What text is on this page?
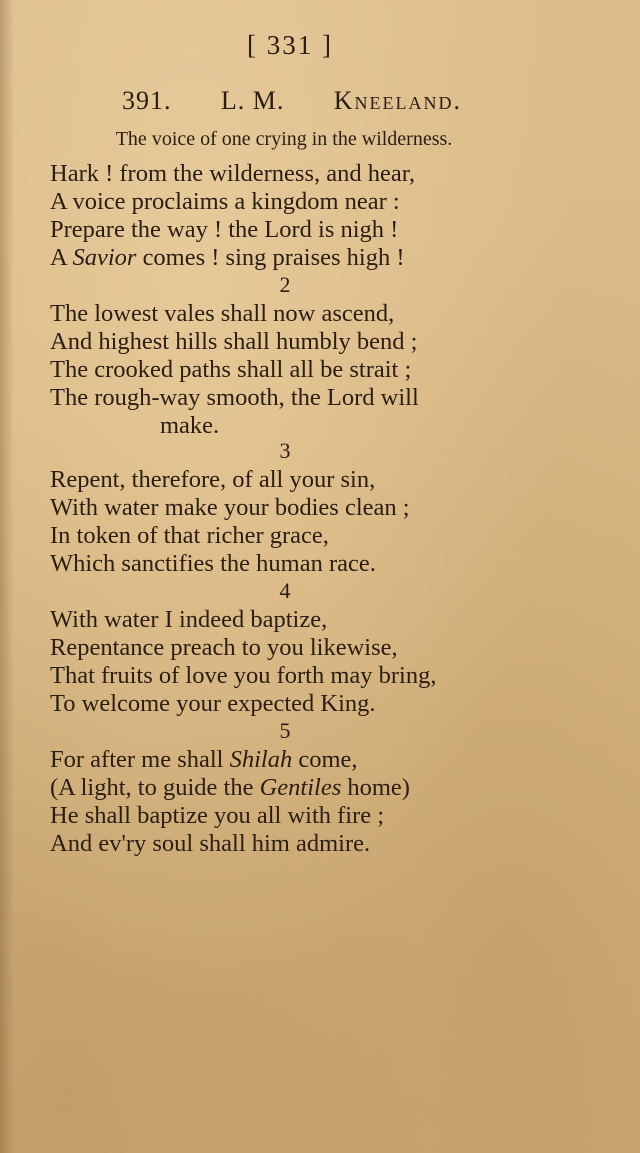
[ 331 ]
391. L. M. Kneeland.
The voice of one crying in the wilderness.
Hark ! from the wilderness, and hear,
A voice proclaims a kingdom near :
Prepare the way ! the Lord is nigh !
A Savior comes ! sing praises high !
2
The lowest vales shall now ascend,
And highest hills shall humbly bend ;
The crooked paths shall all be strait ;
The rough-way smooth, the Lord will
make.
3
Repent, therefore, of all your sin,
With water make your bodies clean ;
In token of that richer grace,
Which sanctifies the human race.
4
With water I indeed baptize,
Repentance preach to you likewise,
That fruits of love you forth may bring,
To welcome your expected King.
5
For after me shall Shilah come,
(A light, to guide the Gentiles home)
He shall baptize you all with fire ;
And ev'ry soul shall him admire.
